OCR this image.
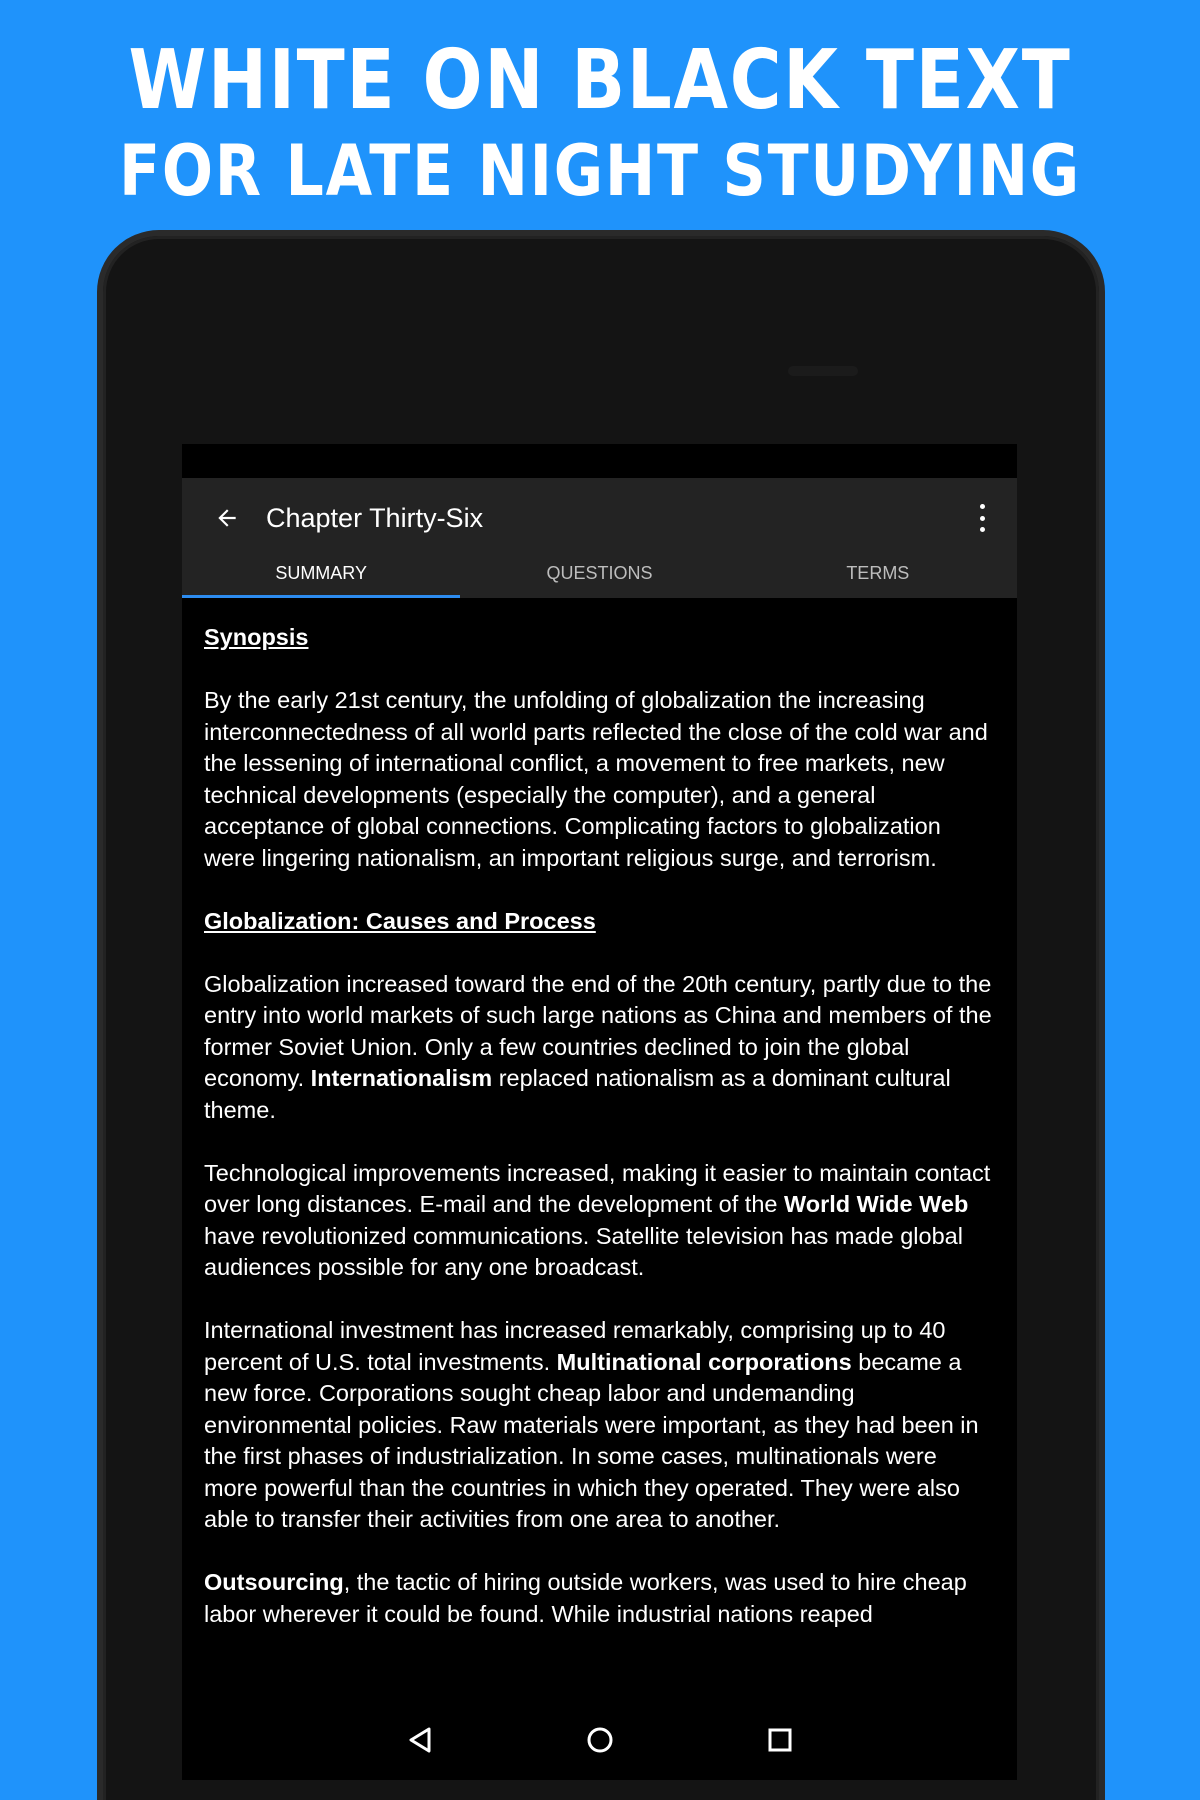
WHITE ON BLACK TEXT
FOR LATE NIGHT STUDYING
Chapter Thirty-Six
SUMMARY	QUESTIONS	TERMS
Synopsis

By the early 21st century, the unfolding of globalization the increasing interconnectedness of all world parts reflected the close of the cold war and the lessening of international conflict, a movement to free markets, new technical developments (especially the computer), and a general acceptance of global connections. Complicating factors to globalization were lingering nationalism, an important religious surge, and terrorism.

Globalization: Causes and Process

Globalization increased toward the end of the 20th century, partly due to the entry into world markets of such large nations as China and members of the former Soviet Union. Only a few countries declined to join the global economy. Internationalism replaced nationalism as a dominant cultural theme.

Technological improvements increased, making it easier to maintain contact over long distances. E-mail and the development of the World Wide Web have revolutionized communications. Satellite television has made global audiences possible for any one broadcast.

International investment has increased remarkably, comprising up to 40 percent of U.S. total investments. Multinational corporations became a new force. Corporations sought cheap labor and undemanding environmental policies. Raw materials were important, as they had been in the first phases of industrialization. In some cases, multinationals were more powerful than the countries in which they operated. They were also able to transfer their activities from one area to another.

Outsourcing, the tactic of hiring outside workers, was used to hire cheap labor wherever it could be found. While industrial nations reaped
